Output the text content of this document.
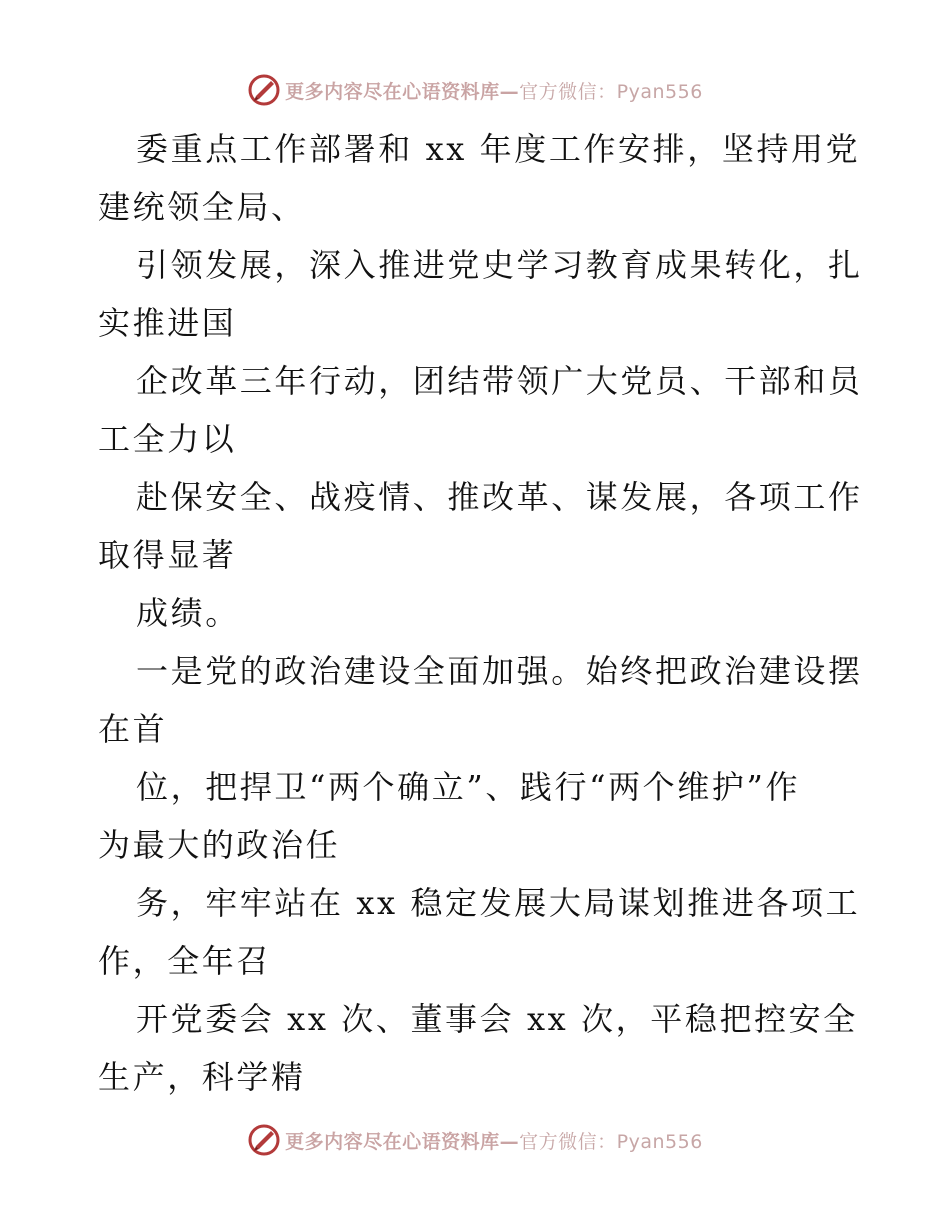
更多内容尽在心语资料库—官方微信：Pyan556
委重点工作部署和 xx 年度工作安排，坚持用党
建统领全局、
引领发展，深入推进党史学习教育成果转化，扎
实推进国
企改革三年行动，团结带领广大党员、干部和员
工全力以
赴保安全、战疫情、推改革、谋发展，各项工作
取得显著
成绩。
一是党的政治建设全面加强。始终把政治建设摆
在首
位，把捍卫“两个确立”、践行“两个维护”作
为最大的政治任
务，牢牢站在 xx 稳定发展大局谋划推进各项工
作，全年召
开党委会 xx 次、董事会 xx 次，平稳把控安全
生产，科学精
更多内容尽在心语资料库—官方微信：Pyan556
